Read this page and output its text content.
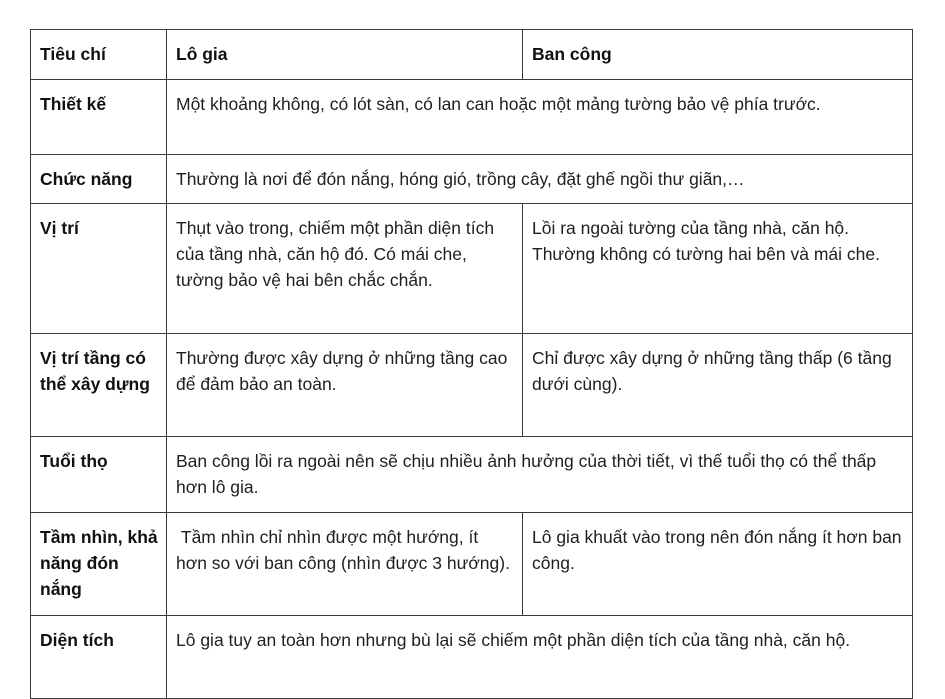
Tiêu chí	Lô gia	Ban công
Thiết kế	Một khoảng không, có lót sàn, có lan can hoặc một mảng tường bảo vệ phía trước.	
Chức năng	Thường là nơi để đón nắng, hóng gió, trồng cây, đặt ghế ngồi thư giãn,…	
Vị trí	Thụt vào trong, chiếm một phần diện tích của tầng nhà, căn hộ đó. Có mái che, tường bảo vệ hai bên chắc chắn.	Lồi ra ngoài tường của tầng nhà, căn hộ. Thường không có tường hai bên và mái che.
Vị trí tầng có thể xây dựng	Thường được xây dựng ở những tầng cao để đảm bảo an toàn.	Chỉ được xây dựng ở những tầng thấp (6 tầng dưới cùng).
Tuổi thọ	Ban công lồi ra ngoài nên sẽ chịu nhiều ảnh hưởng của thời tiết, vì thế tuổi thọ có thể thấp hơn lô gia.	
Tầm nhìn, khả năng đón nắng	Tầm nhìn chỉ nhìn được một hướng, ít hơn so với ban công (nhìn được 3 hướng).	Lô gia khuất vào trong nên đón nắng ít hơn ban công.
Diện tích	Lô gia tuy an toàn hơn nhưng bù lại sẽ chiếm một phần diện tích của tầng nhà, căn hộ.	
